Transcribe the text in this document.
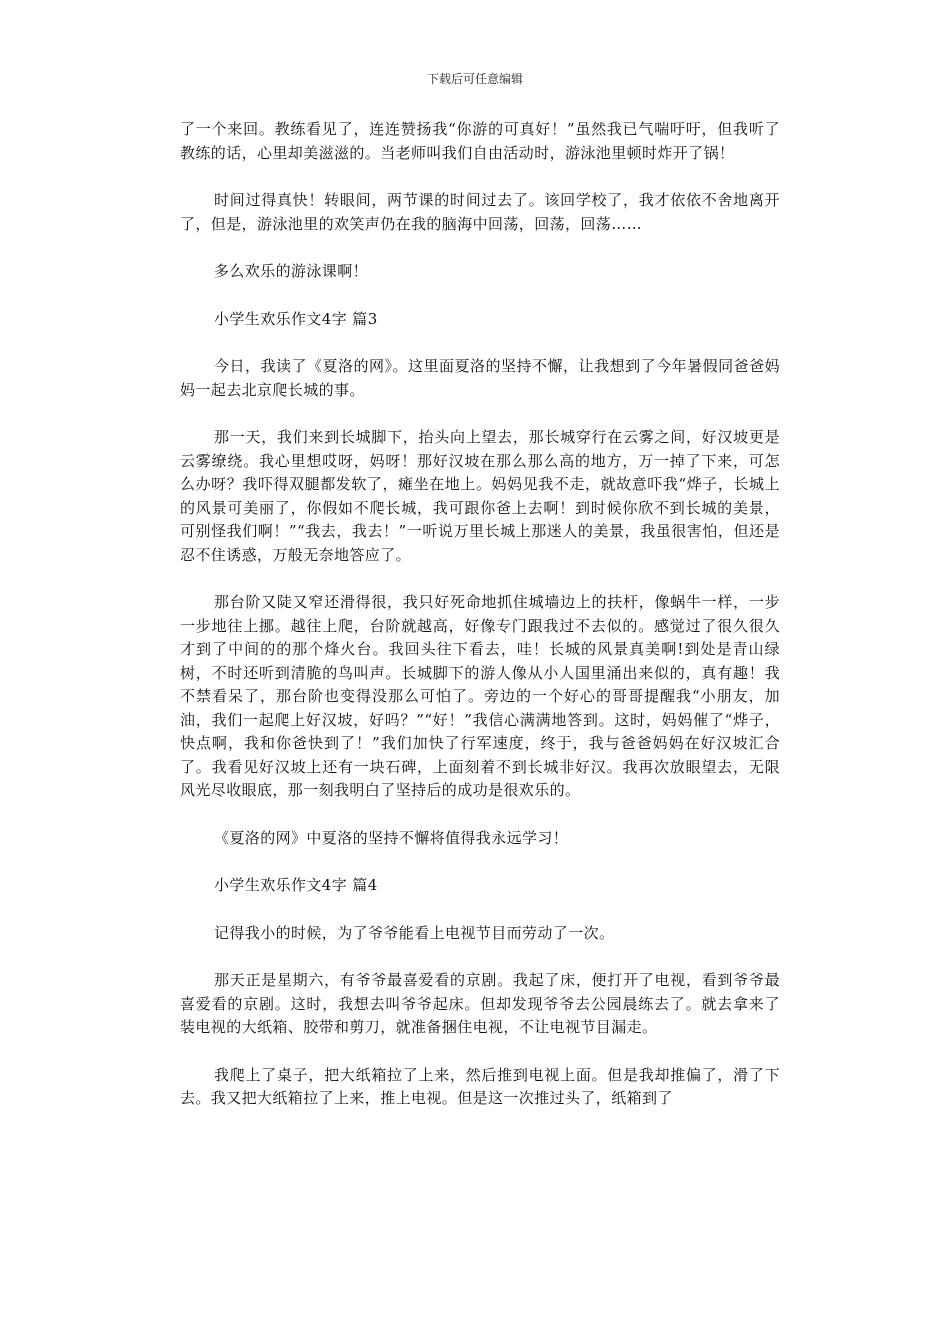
下载后可任意编辑

了一个来回。教练看见了，连连赞扬我“你游的可真好！”虽然我已气喘吁吁，但我听了教练的话，心里却美滋滋的。当老师叫我们自由活动时，游泳池里顿时炸开了锅！

时间过得真快！转眼间，两节课的时间过去了。该回学校了，我才依依不舍地离开了，但是，游泳池里的欢笑声仍在我的脑海中回荡，回荡，回荡……

多么欢乐的游泳课啊！

小学生欢乐作文4字 篇3

今日，我读了《夏洛的网》。这里面夏洛的坚持不懈，让我想到了今年暑假同爸爸妈妈一起去北京爬长城的事。

那一天，我们来到长城脚下，抬头向上望去，那长城穿行在云雾之间，好汉坡更是云雾缭绕。我心里想哎呀，妈呀！那好汉坡在那么那么高的地方，万一掉了下来，可怎么办呀？我吓得双腿都发软了，瘫坐在地上。妈妈见我不走，就故意吓我“烨子，长城上的风景可美丽了，你假如不爬长城，我可跟你爸上去啊！到时候你欣不到长城的美景，可别怪我们啊！”“我去，我去！”一听说万里长城上那迷人的美景，我虽很害怕，但还是忍不住诱惑，万般无奈地答应了。

那台阶又陡又窄还滑得很，我只好死命地抓住城墙边上的扶杆，像蜗牛一样，一步一步地往上挪。越往上爬，台阶就越高，好像专门跟我过不去似的。感觉过了很久很久才到了中间的的那个烽火台。我回头往下看去，哇！长城的风景真美啊!到处是青山绿树，不时还听到清脆的鸟叫声。长城脚下的游人像从小人国里涌出来似的，真有趣！我不禁看呆了，那台阶也变得没那么可怕了。旁边的一个好心的哥哥提醒我“小朋友，加油，我们一起爬上好汉坡，好吗？”“好！”我信心满满地答到。这时，妈妈催了“烨子，快点啊，我和你爸快到了！”我们加快了行军速度，终于，我与爸爸妈妈在好汉坡汇合了。我看见好汉坡上还有一块石碑，上面刻着不到长城非好汉。我再次放眼望去，无限风光尽收眼底，那一刻我明白了坚持后的成功是很欢乐的。

《夏洛的网》中夏洛的坚持不懈将值得我永远学习！

小学生欢乐作文4字 篇4

记得我小的时候，为了爷爷能看上电视节目而劳动了一次。

那天正是星期六，有爷爷最喜爱看的京剧。我起了床，便打开了电视，看到爷爷最喜爱看的京剧。这时，我想去叫爷爷起床。但却发现爷爷去公园晨练去了。就去拿来了装电视的大纸箱、胶带和剪刀，就准备捆住电视，不让电视节目漏走。

我爬上了桌子，把大纸箱拉了上来，然后推到电视上面。但是我却推偏了，滑了下去。我又把大纸箱拉了上来，推上电视。但是这一次推过头了，纸箱到了
